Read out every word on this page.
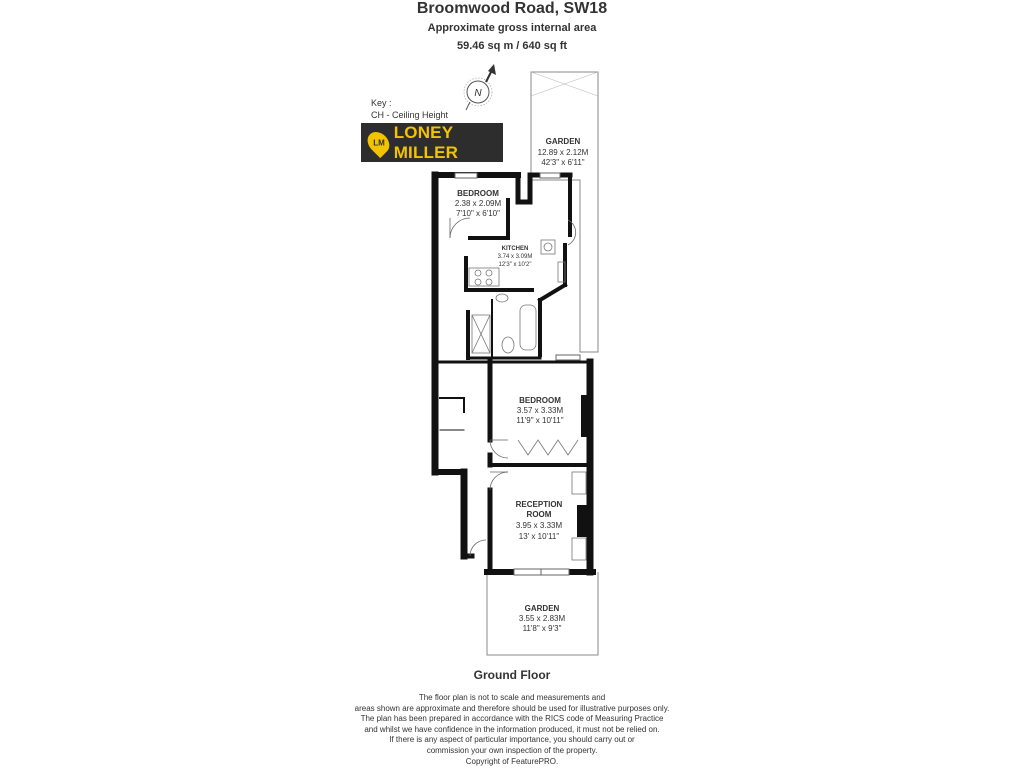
Broomwood Road, SW18
Approximate gross internal area
59.46 sq m / 640 sq ft
Key :
CH - Ceiling Height
LM
LONEY MILLER
N
GARDEN
12.89 x 2.12M
42'3" x 6'11"
BEDROOM
2.38 x 2.09M
7'10" x 6'10"
KITCHEN
3.74 x 3.09M
12'3" x 10'2"
BEDROOM
3.57 x 3.33M
11'9" x 10'11"
RECEPTION
ROOM
3.95 x 3.33M
13' x 10'11"
GARDEN
3.55 x 2.83M
11'8" x 9'3"
Ground Floor
The floor plan is not to scale and measurements and
areas shown are approximate and therefore should be used for illustrative purposes only.
The plan has been prepared in accordance with the RICS code of Measuring Practice
and whilst we have confidence in the information produced, it must not be relied on.
If there is any aspect of particular importance, you should carry out or
commission your own inspection of the property.
Copyright of FeaturePRO.
